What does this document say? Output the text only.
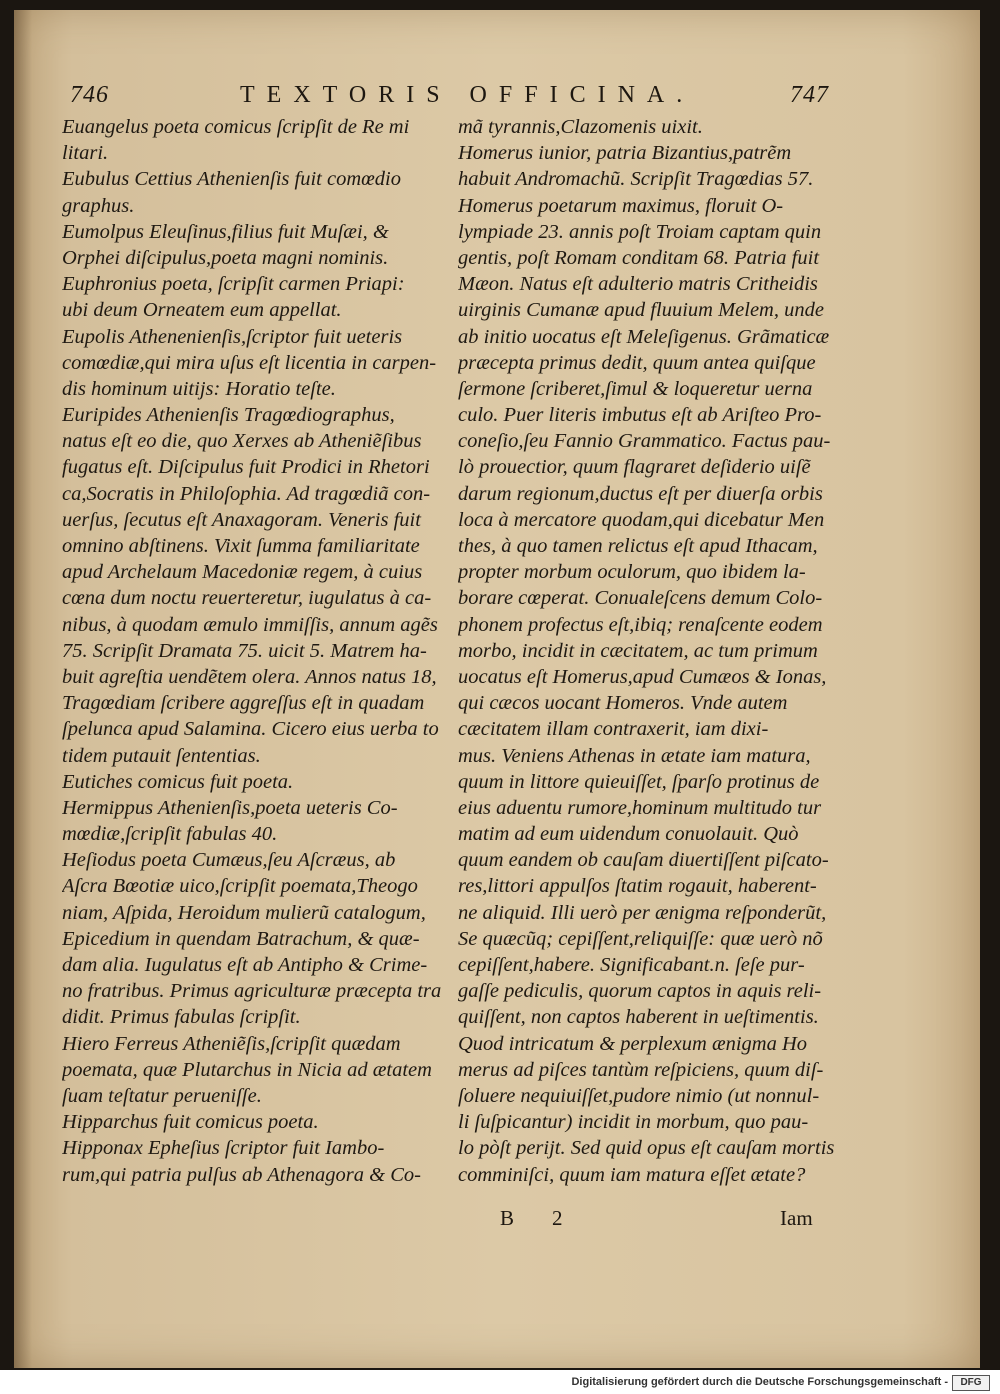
746	TEXTORIS OFFICINA.	747
Euangelus poeta comicus ſcripſit de Re mi
litari.
Eubulus Cettius Athenienſis fuit comœdio
graphus.
Eumolpus Eleuſinus,filius fuit Muſæi, &
Orphei diſcipulus,poeta magni nominis.
Euphronius poeta, ſcripſit carmen Priapi:
ubi deum Orneatem eum appellat.
Eupolis Athenenienſis,ſcriptor fuit ueteris
comœdiæ,qui mira uſus eſt licentia in carpen-
dis hominum uitijs: Horatio teſte.
Euripides Athenienſis Tragœdiographus,
natus eſt eo die, quo Xerxes ab Atheniẽſibus
fugatus eſt. Diſcipulus fuit Prodici in Rhetori
ca,Socratis in Philoſophia. Ad tragœdiã con-
uerſus, ſecutus eſt Anaxagoram. Veneris fuit
omnino abſtinens. Vixit ſumma familiaritate
apud Archelaum Macedoniæ regem, à cuius
cœna dum noctu reuerteretur, iugulatus à ca-
nibus, à quodam æmulo immiſſis, annum agẽs
75. Scripſit Dramata 75. uicit 5. Matrem ha-
buit agreſtia uendẽtem olera. Annos natus 18,
Tragœdiam ſcribere aggreſſus eſt in quadam
ſpelunca apud Salamina. Cicero eius uerba to
tidem putauit ſententias.
Eutiches comicus fuit poeta.
Hermippus Athenienſis,poeta ueteris Co-
mœdiæ,ſcripſit fabulas 40.
Heſiodus poeta Cumæus,ſeu Aſcræus, ab
Aſcra Bœotiæ uico,ſcripſit poemata,Theogo
niam, Aſpida, Heroidum mulierũ catalogum,
Epicedium in quendam Batrachum, & quæ-
dam alia. Iugulatus eſt ab Antipho & Crime-
no fratribus. Primus agriculturæ præcepta tra
didit. Primus fabulas ſcripſit.
Hiero Ferreus Atheniẽſis,ſcripſit quædam
poemata, quæ Plutarchus in Nicia ad ætatem
ſuam teſtatur perueniſſe.
Hipparchus fuit comicus poeta.
Hipponax Epheſius ſcriptor fuit Iambo-
rum,qui patria pulſus ab Athenagora & Co-
mã tyrannis,Clazomenis uixit.
Homerus iunior, patria Bizantius,patrẽm
habuit Andromachũ. Scripſit Tragœdias 57.
Homerus poetarum maximus, floruit O-
lympiade 23. annis poſt Troiam captam quin
gentis, poſt Romam conditam 68. Patria fuit
Mæon. Natus eſt adulterio matris Critheidis
uirginis Cumanæ apud fluuium Melem, unde
ab initio uocatus eſt Meleſigenus. Grãmaticæ
præcepta primus dedit, quum antea quiſque
ſermone ſcriberet,ſimul & loqueretur uerna
culo. Puer literis imbutus eſt ab Ariſteo Pro-
coneſio,ſeu Fannio Grammatico. Factus pau-
lò prouectior, quum flagraret deſiderio uiſẽ
darum regionum,ductus eſt per diuerſa orbis
loca à mercatore quodam,qui dicebatur Men
thes, à quo tamen relictus eſt apud Ithacam,
propter morbum oculorum, quo ibidem la-
borare cœperat. Conualeſcens demum Colo-
phonem profectus eſt,ibiq; renaſcente eodem
morbo, incidit in cæcitatem, ac tum primum
uocatus eſt Homerus,apud Cumæos & Ionas,
qui cæcos uocant Homeros. Vnde autem
cæcitatem illam contraxerit, iam dixi-
mus. Veniens Athenas in ætate iam matura,
quum in littore quieuiſſet, ſparſo protinus de
eius aduentu rumore,hominum multitudo tur
matim ad eum uidendum conuolauit. Quò
quum eandem ob cauſam diuertiſſent piſcato-
res,littori appulſos ſtatim rogauit, haberent-
ne aliquid. Illi uerò per ænigma reſponderũt,
Se quæcũq; cepiſſent,reliquiſſe: quæ uerò nõ
cepiſſent,habere. Significabant.n. ſeſe pur-
gaſſe pediculis, quorum captos in aquis reli-
quiſſent, non captos haberent in ueſtimentis.
Quod intricatum & perplexum ænigma Ho
merus ad piſces tantùm reſpiciens, quum diſ-
ſoluere nequiuiſſet,pudore nimio (ut nonnul-
li ſuſpicantur) incidit in morbum, quo pau-
lo pòſt perijt. Sed quid opus eſt cauſam mortis
comminiſci, quum iam matura eſſet ætate?
B 2	Iam
Digitalisierung gefördert durch die Deutsche Forschungsgemeinschaft -	DFG
